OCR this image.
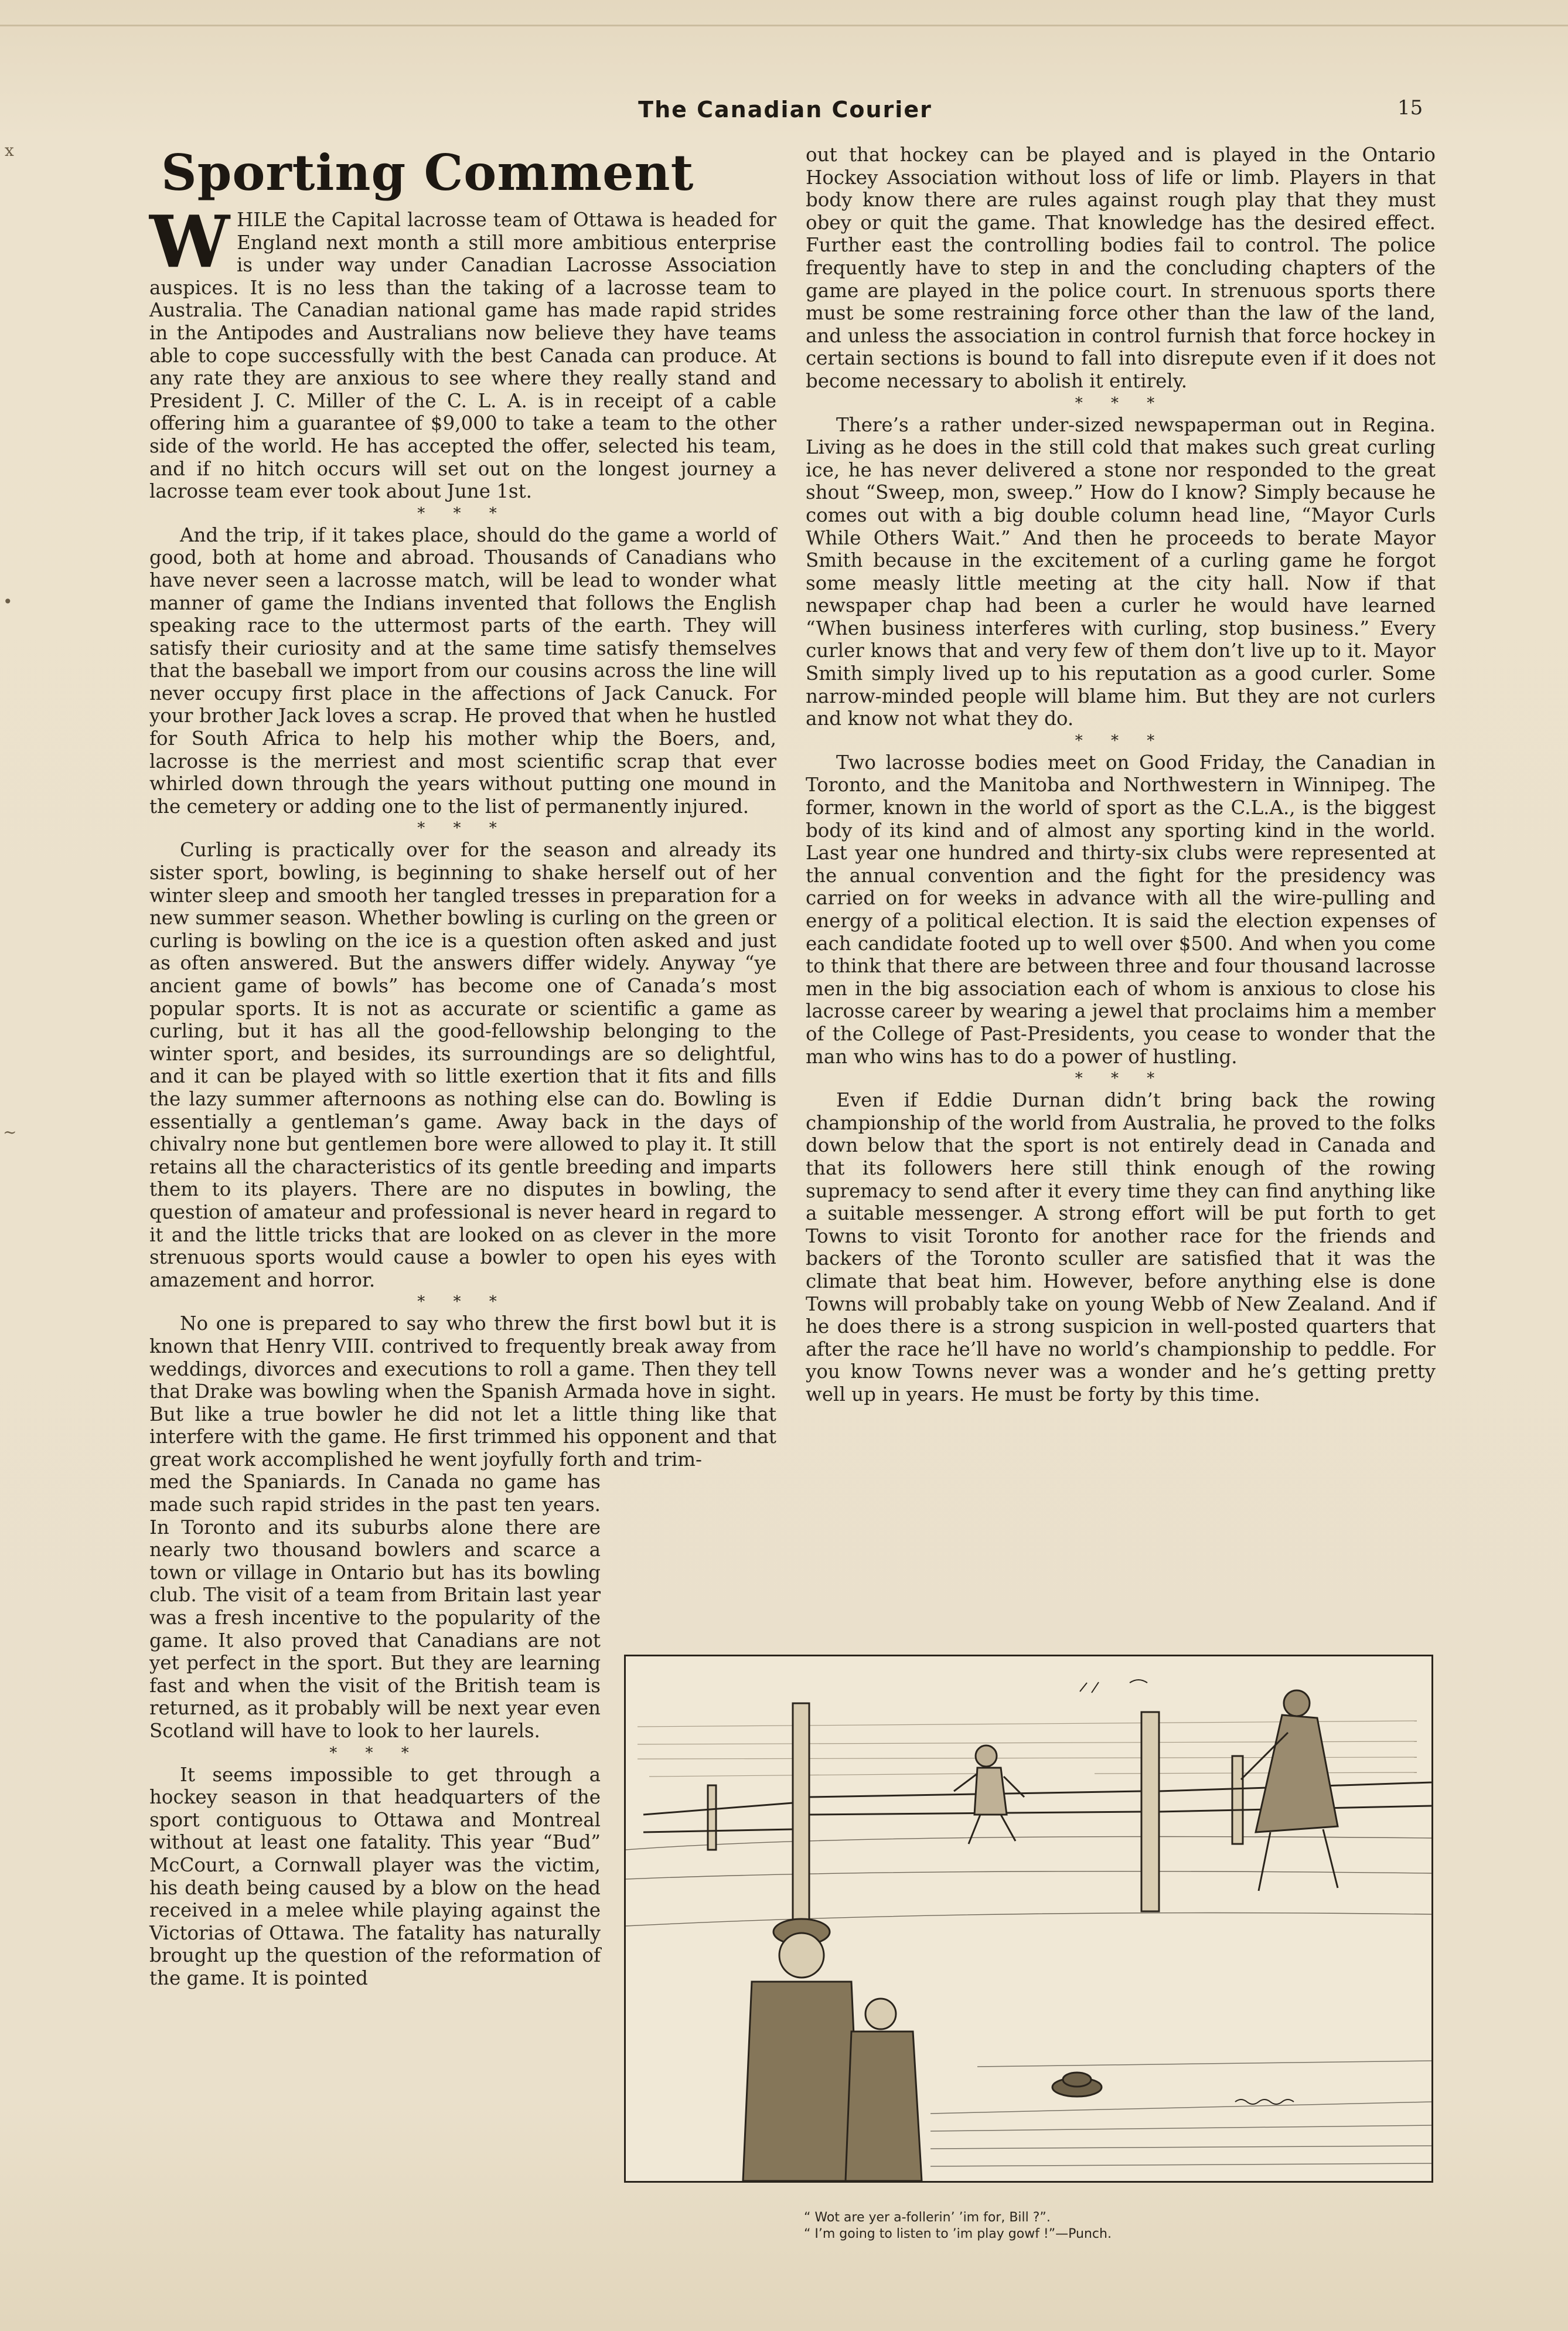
The Canadian Courier	15
x
•
~
Sporting Comment

WHILE the Capital lacrosse team of Ottawa is headed for England next month a still more ambitious enterprise is under way under Canadian Lacrosse Association auspices. It is no less than the taking of a lacrosse team to Australia. The Canadian national game has made rapid strides in the Antipodes and Australians now believe they have teams able to cope successfully with the best Canada can produce. At any rate they are anxious to see where they really stand and President J. C. Miller of the C. L. A. is in receipt of a cable offering him a guarantee of $9,000 to take a team to the other side of the world. He has accepted the offer, selected his team, and if no hitch occurs will set out on the longest journey a lacrosse team ever took about June 1st.

* * *

And the trip, if it takes place, should do the game a world of good, both at home and abroad. Thousands of Canadians who have never seen a lacrosse match, will be lead to wonder what manner of game the Indians invented that follows the English speaking race to the uttermost parts of the earth. They will satisfy their curiosity and at the same time satisfy themselves that the baseball we import from our cousins across the line will never occupy first place in the affections of Jack Canuck. For your brother Jack loves a scrap. He proved that when he hustled for South Africa to help his mother whip the Boers, and, lacrosse is the merriest and most scientific scrap that ever whirled down through the years without putting one mound in the cemetery or adding one to the list of permanently injured.

* * *

Curling is practically over for the season and already its sister sport, bowling, is beginning to shake herself out of her winter sleep and smooth her tangled tresses in preparation for a new summer season. Whether bowling is curling on the green or curling is bowling on the ice is a question often asked and just as often answered. But the answers differ widely. Anyway “ye ancient game of bowls” has become one of Canada’s most popular sports. It is not as accurate or scientific a game as curling, but it has all the good-fellowship belonging to the winter sport, and besides, its surroundings are so delightful, and it can be played with so little exertion that it fits and fills the lazy summer afternoons as nothing else can do. Bowling is essentially a gentleman’s game. Away back in the days of chivalry none but gentlemen bore were allowed to play it. It still retains all the characteristics of its gentle breeding and imparts them to its players. There are no disputes in bowling, the question of amateur and professional is never heard in regard to it and the little tricks that are looked on as clever in the more strenuous sports would cause a bowler to open his eyes with amazement and horror.

* * *

No one is prepared to say who threw the first bowl but it is known that Henry VIII. contrived to frequently break away from weddings, divorces and executions to roll a game. Then they tell that Drake was bowling when the Spanish Armada hove in sight. But like a true bowler he did not let a little thing like that interfere with the game. He first trimmed his opponent and that great work accomplished he went joyfully forth and trim-

med the Spaniards. In Canada no game has made such rapid strides in the past ten years. In Toronto and its suburbs alone there are nearly two thousand bowlers and scarce a town or village in Ontario but has its bowling club. The visit of a team from Britain last year was a fresh incentive to the popularity of the game. It also proved that Canadians are not yet perfect in the sport. But they are learning fast and when the visit of the British team is returned, as it probably will be next year even Scotland will have to look to her laurels.

* * *

It seems impossible to get through a hockey season in that headquarters of the sport contiguous to Ottawa and Montreal without at least one fatality. This year “Bud” McCourt, a Cornwall player was the victim, his death being caused by a blow on the head received in a melee while playing against the Victorias of Ottawa. The fatality has naturally brought up the question of the reformation of the game. It is pointed

out that hockey can be played and is played in the Ontario Hockey Association without loss of life or limb. Players in that body know there are rules against rough play that they must obey or quit the game. That knowledge has the desired effect. Further east the controlling bodies fail to control. The police frequently have to step in and the concluding chapters of the game are played in the police court. In strenuous sports there must be some restraining force other than the law of the land, and unless the association in control furnish that force hockey in certain sections is bound to fall into disrepute even if it does not become necessary to abolish it entirely.

* * *

There’s a rather under-sized newspaperman out in Regina. Living as he does in the still cold that makes such great curling ice, he has never delivered a stone nor responded to the great shout “Sweep, mon, sweep.” How do I know? Simply because he comes out with a big double column head line, “Mayor Curls While Others Wait.” And then he proceeds to berate Mayor Smith because in the excitement of a curling game he forgot some measly little meeting at the city hall. Now if that newspaper chap had been a curler he would have learned “When business interferes with curling, stop business.” Every curler knows that and very few of them don’t live up to it. Mayor Smith simply lived up to his reputation as a good curler. Some narrow-minded people will blame him. But they are not curlers and know not what they do.

* * *

Two lacrosse bodies meet on Good Friday, the Canadian in Toronto, and the Manitoba and Northwestern in Winnipeg. The former, known in the world of sport as the C.L.A., is the biggest body of its kind and of almost any sporting kind in the world. Last year one hundred and thirty-six clubs were represented at the annual convention and the fight for the presidency was carried on for weeks in advance with all the wire-pulling and energy of a political election. It is said the election expenses of each candidate footed up to well over $500. And when you come to think that there are between three and four thousand lacrosse men in the big association each of whom is anxious to close his lacrosse career by wearing a jewel that proclaims him a member of the College of Past-Presidents, you cease to wonder that the man who wins has to do a power of hustling.

* * *

Even if Eddie Durnan didn’t bring back the rowing championship of the world from Australia, he proved to the folks down below that the sport is not entirely dead in Canada and that its followers here still think enough of the rowing supremacy to send after it every time they can find anything like a suitable messenger. A strong effort will be put forth to get Towns to visit Toronto for another race for the friends and backers of the Toronto sculler are satisfied that it was the climate that beat him. However, before anything else is done Towns will probably take on young Webb of New Zealand. And if he does there is a strong suspicion in well-posted quarters that after the race he’ll have no world’s championship to peddle. For you know Towns never was a wonder and he’s getting pretty well up in years. He must be forty by this time.

“ Wot are yer a-follerin’ ’im for, Bill ?”.
“ I’m going to listen to ’im play gowf !”—Punch.
